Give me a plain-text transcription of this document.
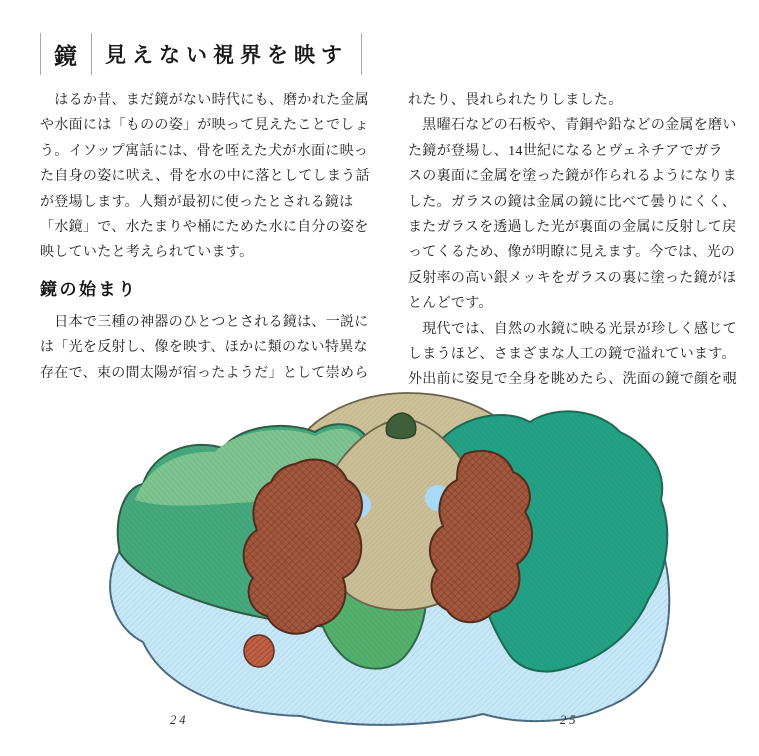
鏡 見えない視界を映す
　はるか昔、まだ鏡がない時代にも、磨かれた金属
や水面には「ものの姿」が映って見えたことでしょ
う。イソップ寓話には、骨を咥えた犬が水面に映っ
た自身の姿に吠え、骨を水の中に落としてしまう話
が登場します。人類が最初に使ったとされる鏡は
「水鏡」で、水たまりや桶にためた水に自分の姿を
映していたと考えられています。
鏡の始まり
　日本で三種の神器のひとつとされる鏡は、一説に
は「光を反射し、像を映す、ほかに類のない特異な
存在で、束の間太陽が宿ったようだ」として崇めら
れたり、畏れられたりしました。
　黒曜石などの石板や、青銅や鉛などの金属を磨い
た鏡が登場し、14世紀になるとヴェネチアでガラ
スの裏面に金属を塗った鏡が作られるようになりま
した。ガラスの鏡は金属の鏡に比べて曇りにくく、
またガラスを透過した光が裏面の金属に反射して戻
ってくるため、像が明瞭に見えます。今では、光の
反射率の高い銀メッキをガラスの裏に塗った鏡がほ
とんどです。
　現代では、自然の水鏡に映る光景が珍しく感じて
しまうほど、さまざまな人工の鏡で溢れています。
外出前に姿見で全身を眺めたら、洗面の鏡で顔を覗
24	25
